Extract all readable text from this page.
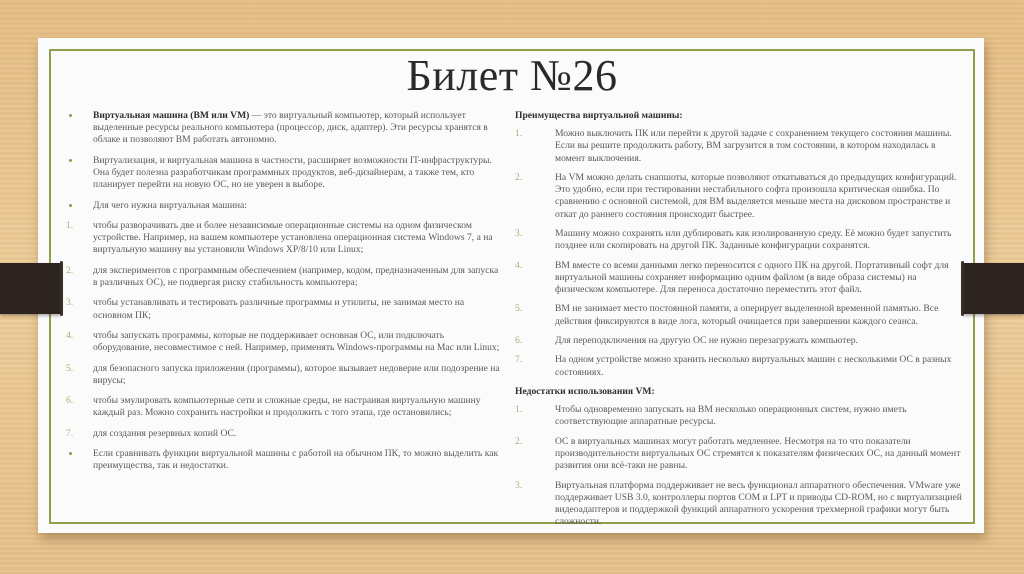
Билет №26
Виртуальная машина (ВМ или VM) — это виртуальный компьютер, который использует выделенные ресурсы реального компьютера (процессор, диск, адаптер). Эти ресурсы хранятся в облаке и позволяют ВМ работать автономно.
Виртуализация, и виртуальная машина в частности, расширяет возможности IT-инфраструктуры. Она будет полезна разработчикам программных продуктов, веб-дизайнерам, а также тем, кто планирует перейти на новую ОС, но не уверен в выборе.
Для чего нужна виртуальная машина:
1. чтобы разворачивать две и более независимые операционные системы на одном физическом устройстве. Например, на вашем компьютере установлена операционная система Windows 7, а на виртуальную машину вы установили Windows XP/8/10 или Linux;
2. для экспериментов с программным обеспечением (например, кодом, предназначенным для запуска в различных ОС), не подвергая риску стабильность компьютера;
3. чтобы устанавливать и тестировать различные программы и утилиты, не занимая место на основном ПК;
4. чтобы запускать программы, которые не поддерживает основная ОС, или подключать оборудование, несовместимое с ней. Например, применять Windows-программы на Mac или Linux;
5. для безопасного запуска приложения (программы), которое вызывает недоверие или подозрение на вирусы;
6. чтобы эмулировать компьютерные сети и сложные среды, не настраивая виртуальную машину каждый раз. Можно сохранить настройки и продолжить с того этапа, где остановились;
7. для создания резервных копий ОС.
Если сравнивать функции виртуальной машины с работой на обычном ПК, то можно выделить как преимущества, так и недостатки.
Преимущества виртуальной машины:
1.	Можно выключить ПК или перейти к другой задаче с сохранением текущего состояния машины. Если вы решите продолжить работу, ВМ загрузится в том состоянии, в котором находилась в момент выключения.
2.	На VM можно делать снапшоты, которые позволяют откатываться до предыдущих конфигураций. Это удобно, если при тестировании нестабильного софта произошла критическая ошибка. По сравнению с основной системой, для ВМ выделяется меньше места на дисковом пространстве и откат до раннего состояния происходит быстрее.
3.	Машину можно сохранять или дублировать как изолированную среду. Её можно будет запустить позднее или скопировать на другой ПК. Заданные конфигурации сохранятся.
4.	ВМ вместе со всеми данными легко переносится с одного ПК на другой. Портативный софт для виртуальной машины сохраняет информацию одним файлом (в виде образа системы) на физическом компьютере. Для переноса достаточно переместить этот файл.
5.	ВМ не занимает место постоянной памяти, а оперирует выделенной временной памятью. Все действия фиксируются в виде лога, который очищается при завершении каждого сеанса.
6.	Для переподключения на другую ОС не нужно перезагружать компьютер.
7.	На одном устройстве можно хранить несколько виртуальных машин с несколькими ОС в разных состояниях.
Недостатки использования VM:
1.	Чтобы одновременно запускать на ВМ несколько операционных систем, нужно иметь соответствующие аппаратные ресурсы.
2.	ОС в виртуальных машинах могут работать медленнее. Несмотря на то что показатели производительности виртуальных ОС стремятся к показателям физических ОС, на данный момент развития они всё-таки не равны.
3.	Виртуальная платформа поддерживает не весь функционал аппаратного обеспечения. VMware уже поддерживает USB 3.0, контроллеры портов COM и LPT и приводы CD-ROM, но с виртуализацией видеоадаптеров и поддержкой функций аппаратного ускорения трехмерной графики могут быть сложности.
